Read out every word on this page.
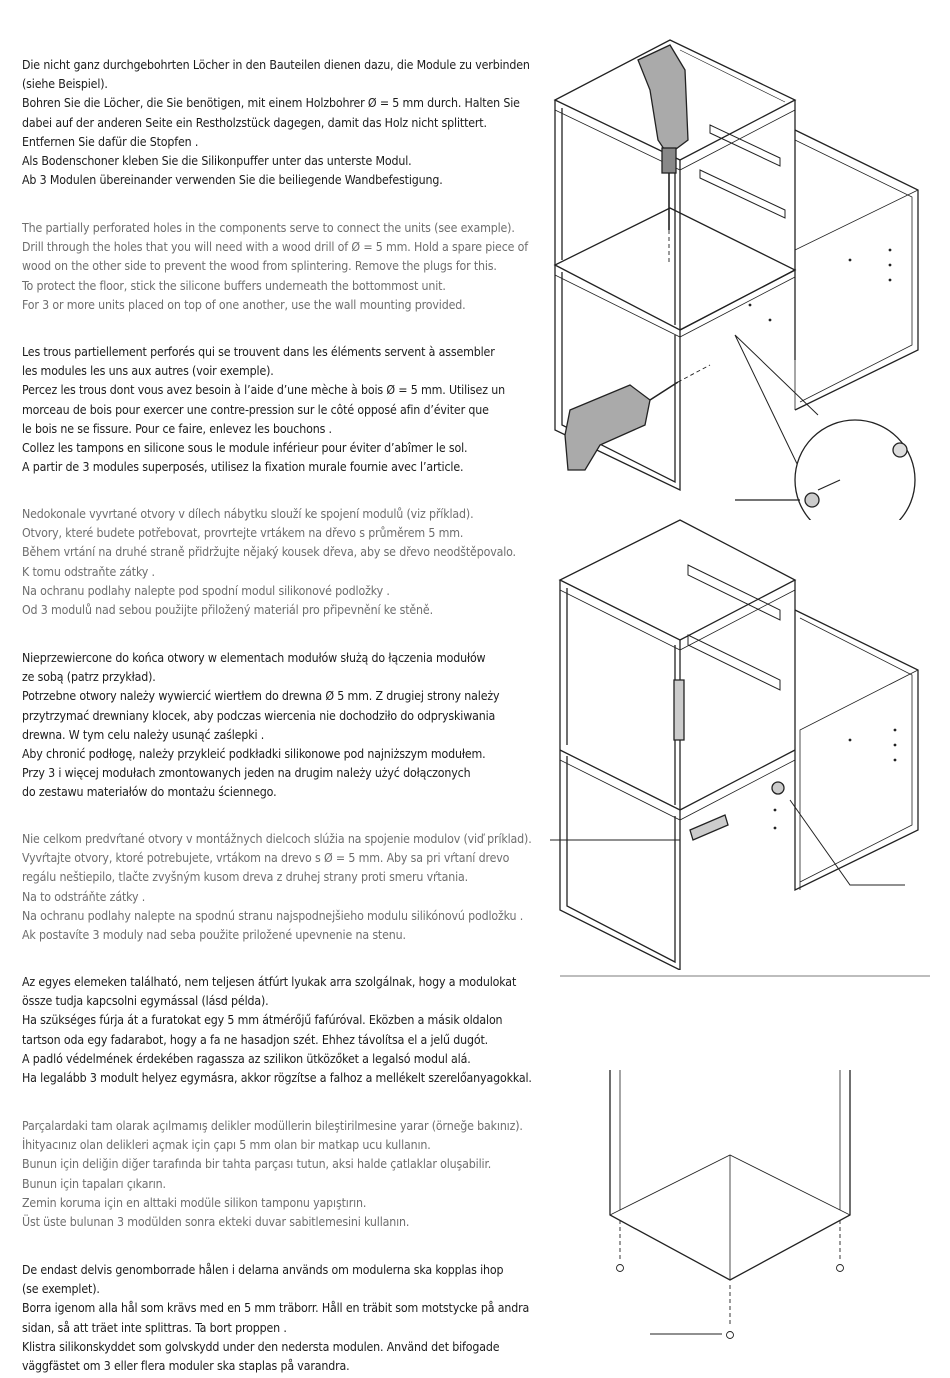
Die nicht ganz durchgebohrten Löcher in den Bauteilen dienen dazu, die Module zu verbinden
(siehe Beispiel).
Bohren Sie die Löcher, die Sie benötigen, mit einem Holzbohrer Ø = 5 mm durch. Halten Sie
dabei auf der anderen Seite ein Restholzstück dagegen, damit das Holz nicht splittert.
Entfernen Sie dafür die Stopfen .
Als Bodenschoner kleben Sie die Silikonpuffer unter das unterste Modul.
Ab 3 Modulen übereinander verwenden Sie die beiliegende Wandbefestigung.
The partially perforated holes in the components serve to connect the units (see example).
Drill through the holes that you will need with a wood drill of Ø = 5 mm. Hold a spare piece of
wood on the other side to prevent the wood from splintering. Remove the plugs for this.
To protect the floor, stick the silicone buffers underneath the bottommost unit.
For 3 or more units placed on top of one another, use the wall mounting provided.
Les trous partiellement perforés qui se trouvent dans les éléments servent à assembler
les modules les uns aux autres (voir exemple).
Percez les trous dont vous avez besoin à l’aide d’une mèche à bois Ø = 5 mm. Utilisez un
morceau de bois pour exercer une contre-pression sur le côté opposé afin d’éviter que
le bois ne se fissure. Pour ce faire, enlevez les bouchons .
Collez les tampons en silicone sous le module inférieur pour éviter d’abîmer le sol.
A partir de 3 modules superposés, utilisez la fixation murale fournie avec l’article.
Nedokonale vyvrtané otvory v dílech nábytku slouží ke spojení modulů (viz příklad).
Otvory, které budete potřebovat, provrtejte vrtákem na dřevo s průměrem 5 mm.
Během vrtání na druhé straně přidržujte nějaký kousek dřeva, aby se dřevo neodštěpovalo.
K tomu odstraňte zátky .
Na ochranu podlahy nalepte pod spodní modul silikonové podložky .
Od 3 modulů nad sebou použijte přiložený materiál pro připevnění ke stěně.
Nieprzewiercone do końca otwory w elementach modułów służą do łączenia modułów
ze sobą (patrz przykład).
Potrzebne otwory należy wywiercić wiertłem do drewna Ø 5 mm. Z drugiej strony należy
przytrzymać drewniany klocek, aby podczas wiercenia nie dochodziło do odpryskiwania
drewna. W tym celu należy usunąć zaślepki .
Aby chronić podłogę, należy przykleić podkładki silikonowe pod najniższym modułem.
Przy 3 i więcej modułach zmontowanych jeden na drugim należy użyć dołączonych
do zestawu materiałów do montażu ściennego.
Nie celkom predvŕtané otvory v montážnych dielcoch slúžia na spojenie modulov (viď príklad).
Vyvŕtajte otvory, ktoré potrebujete, vrtákom na drevo s Ø = 5 mm. Aby sa pri vŕtaní drevo
regálu neštiepilo, tlačte zvyšným kusom dreva z druhej strany proti smeru vŕtania.
Na to odstráňte zátky .
Na ochranu podlahy nalepte na spodnú stranu najspodnejšieho modulu silikónovú podložku .
Ak postavíte 3 moduly nad seba použite priložené upevnenie na stenu.
Az egyes elemeken található, nem teljesen átfúrt lyukak arra szolgálnak, hogy a modulokat
össze tudja kapcsolni egymással (lásd példa).
Ha szükséges fúrja át a furatokat egy 5 mm átmérőjű fafúróval. Eközben a másik oldalon
tartson oda egy fadarabot, hogy a fa ne hasadjon szét. Ehhez távolítsa el a jelű dugót.
A padló védelmének érdekében ragassza az szilikon ütközőket a legalsó modul alá.
Ha legalább 3 modult helyez egymásra, akkor rögzítse a falhoz a mellékelt szerelőanyagokkal.
Parçalardaki tam olarak açılmamış delikler modüllerin bileştirilmesine yarar (örneğe bakınız).
İhityacınız olan delikleri açmak için çapı 5 mm olan bir matkap ucu kullanın.
Bunun için deliğin diğer tarafında bir tahta parçası tutun, aksi halde çatlaklar oluşabilir.
Bunun için tapaları çıkarın.
Zemin koruma için en alttaki modüle silikon tamponu yapıştırın.
Üst üste bulunan 3 modülden sonra ekteki duvar sabitlemesini kullanın.
De endast delvis genomborrade hålen i delarna används om modulerna ska kopplas ihop
(se exemplet).
Borra igenom alla hål som krävs med en 5 mm träborr. Håll en träbit som motstycke på andra
sidan, så att träet inte splittras. Ta bort proppen .
Klistra silikonskyddet som golvskydd under den nedersta modulen. Använd det bifogade
väggfästet om 3 eller flera moduler ska staplas på varandra.
